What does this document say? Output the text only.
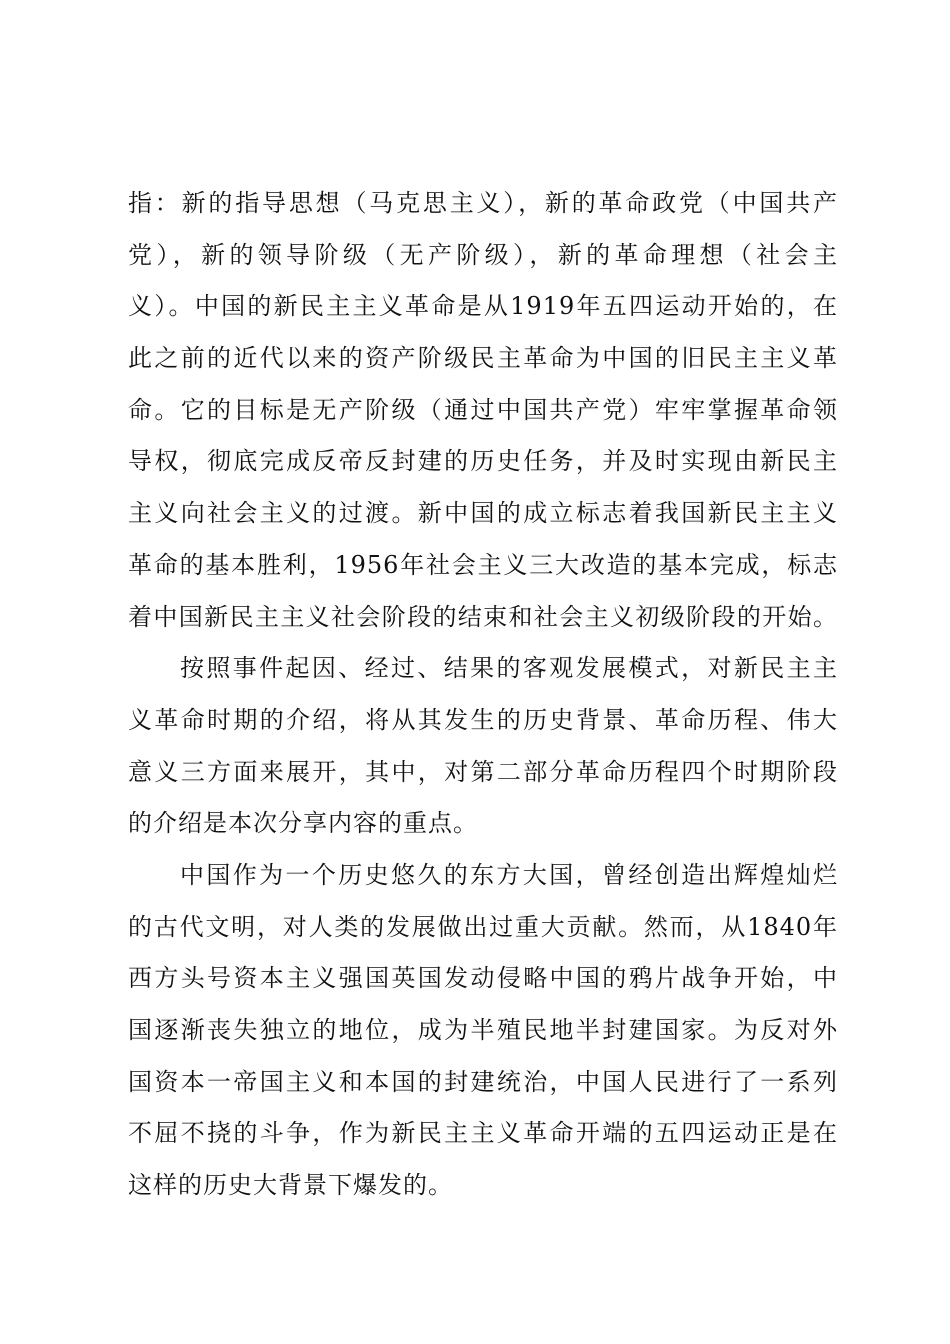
指：新的指导思想（马克思主义），新的革命政党（中国共产
党），新的领导阶级（无产阶级），新的革命理想（社会主
义）。中国的新民主主义革命是从1919年五四运动开始的，在
此之前的近代以来的资产阶级民主革命为中国的旧民主主义革
命。它的目标是无产阶级（通过中国共产党）牢牢掌握革命领
导权，彻底完成反帝反封建的历史任务，并及时实现由新民主
主义向社会主义的过渡。新中国的成立标志着我国新民主主义
革命的基本胜利，1956年社会主义三大改造的基本完成，标志
着中国新民主主义社会阶段的结束和社会主义初级阶段的开始。
按照事件起因、经过、结果的客观发展模式，对新民主主
义革命时期的介绍，将从其发生的历史背景、革命历程、伟大
意义三方面来展开，其中，对第二部分革命历程四个时期阶段
的介绍是本次分享内容的重点。
中国作为一个历史悠久的东方大国，曾经创造出辉煌灿烂
的古代文明，对人类的发展做出过重大贡献。然而，从1840年
西方头号资本主义强国英国发动侵略中国的鸦片战争开始，中
国逐渐丧失独立的地位，成为半殖民地半封建国家。为反对外
国资本一帝国主义和本国的封建统治，中国人民进行了一系列
不屈不挠的斗争，作为新民主主义革命开端的五四运动正是在
这样的历史大背景下爆发的。
